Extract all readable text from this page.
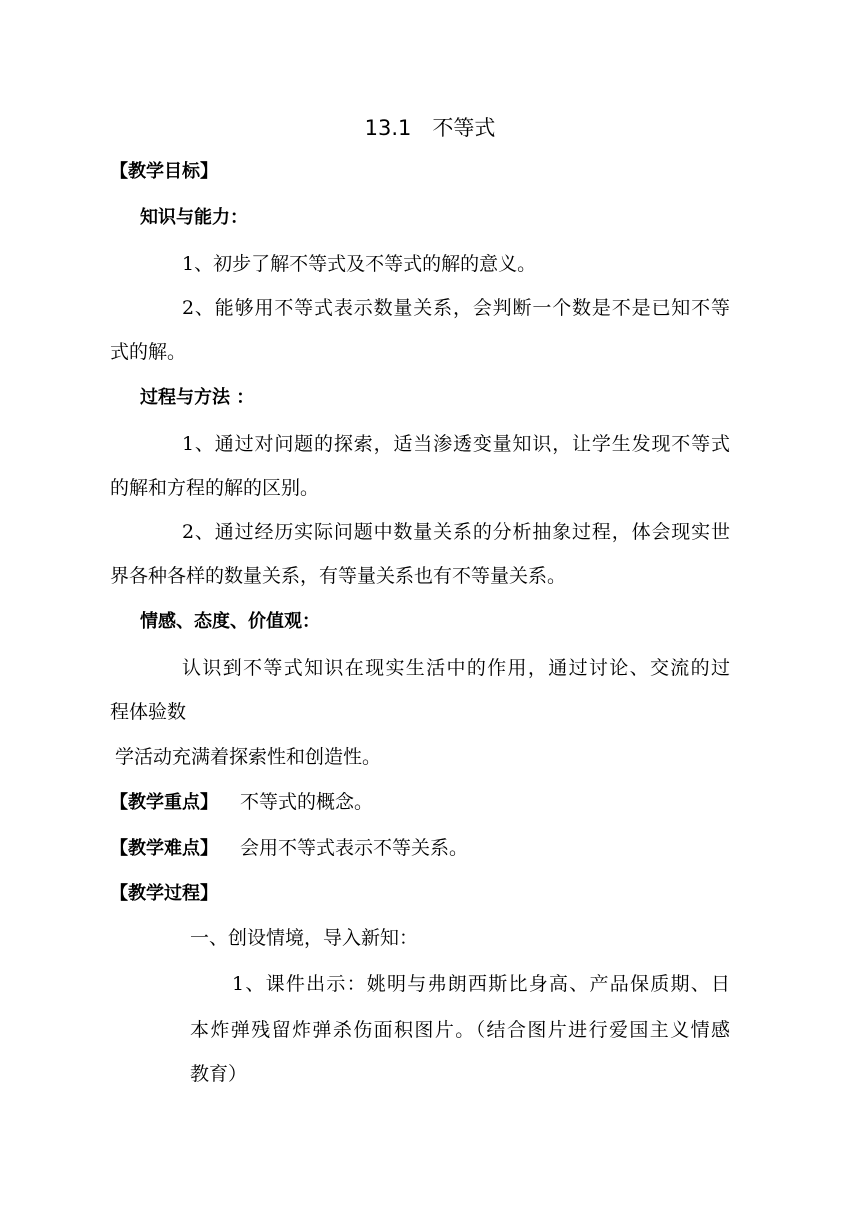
13.1　不等式
【教学目标】
知识与能力：
1、初步了解不等式及不等式的解的意义。
2、能够用不等式表示数量关系，会判断一个数是不是已知不等
式的解。
过程与方法 ：
1、通过对问题的探索，适当渗透变量知识，让学生发现不等式
的解和方程的解的区别。
2、通过经历实际问题中数量关系的分析抽象过程，体会现实世
界各种各样的数量关系，有等量关系也有不等量关系。
情感、态度、价值观：
认识到不等式知识在现实生活中的作用，通过讨论、交流的过
程体验数
学活动充满着探索性和创造性。
【教学重点】 不等式的概念。
【教学难点】 会用不等式表示不等关系。
【教学过程】
一、创设情境，导入新知：
1、课件出示：姚明与弗朗西斯比身高、产品保质期、日
本炸弹残留炸弹杀伤面积图片。（结合图片进行爱国主义情感
教育）
